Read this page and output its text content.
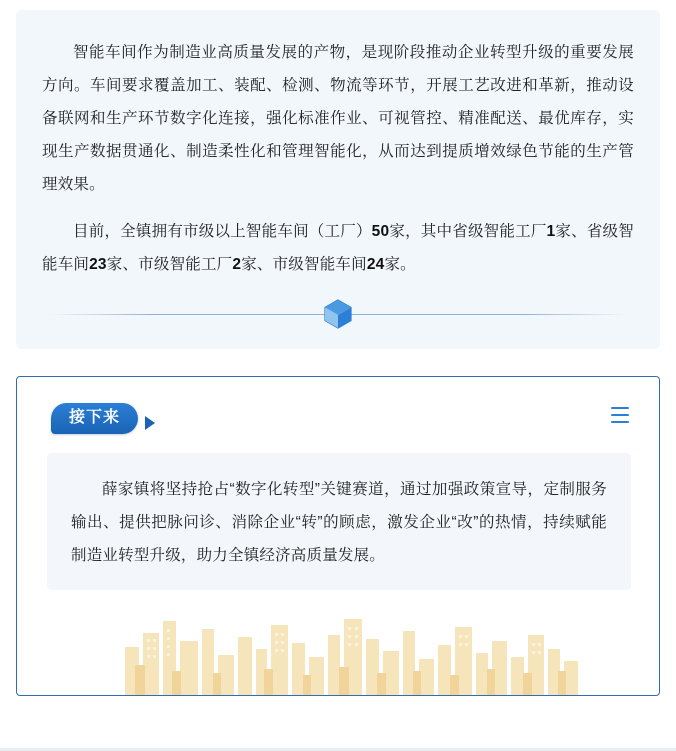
智能车间作为制造业高质量发展的产物，是现阶段推动企业转型升级的重要发展方向。车间要求覆盖加工、装配、检测、物流等环节，开展工艺改进和革新，推动设备联网和生产环节数字化连接，强化标准作业、可视管控、精准配送、最优库存，实现生产数据贯通化、制造柔性化和管理智能化，从而达到提质增效绿色节能的生产管理效果。

目前，全镇拥有市级以上智能车间（工厂）50家，其中省级智能工厂1家、省级智能车间23家、市级智能工厂2家、市级智能车间24家。

接下来

薛家镇将坚持抢占“数字化转型”关键赛道，通过加强政策宣导，定制服务输出、提供把脉问诊、消除企业“转”的顾虑，激发企业“改”的热情，持续赋能制造业转型升级，助力全镇经济高质量发展。
